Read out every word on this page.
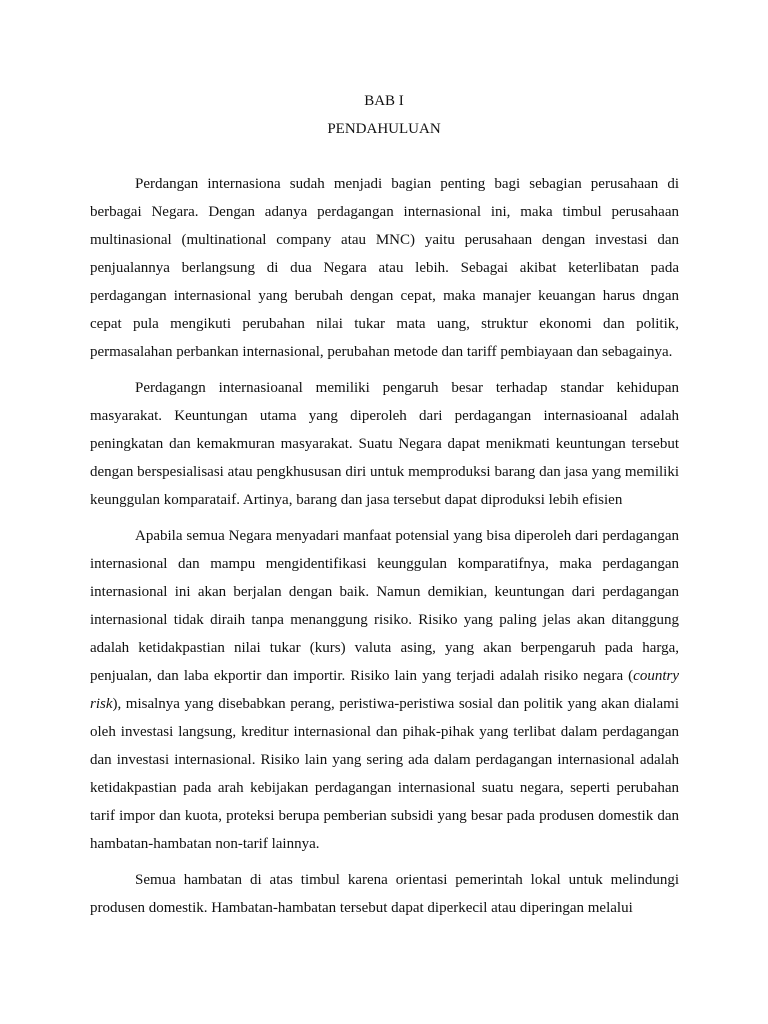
BAB I
PENDAHULUAN

Perdangan internasiona sudah menjadi bagian penting bagi sebagian perusahaan di berbagai Negara. Dengan adanya perdagangan internasional ini, maka timbul perusahaan multinasional (multinational company atau MNC) yaitu perusahaan dengan investasi dan penjualannya berlangsung di dua Negara atau lebih. Sebagai akibat keterlibatan pada perdagangan internasional yang berubah dengan cepat, maka manajer keuangan harus dngan cepat pula mengikuti perubahan nilai tukar mata uang, struktur ekonomi dan politik, permasalahan perbankan internasional, perubahan metode dan tariff pembiayaan dan sebagainya.

Perdagangn internasioanal memiliki pengaruh besar terhadap standar kehidupan masyarakat. Keuntungan utama yang diperoleh dari perdagangan internasioanal adalah peningkatan dan kemakmuran masyarakat. Suatu Negara dapat menikmati keuntungan tersebut dengan berspesialisasi atau pengkhususan diri untuk memproduksi barang dan jasa yang memiliki keunggulan komparataif. Artinya, barang dan jasa tersebut dapat diproduksi lebih efisien

Apabila semua Negara menyadari manfaat potensial yang bisa diperoleh dari perdagangan internasional dan mampu mengidentifikasi keunggulan komparatifnya, maka perdagangan internasional ini akan berjalan dengan baik. Namun demikian, keuntungan dari perdagangan internasional tidak diraih tanpa menanggung risiko. Risiko yang paling jelas akan ditanggung adalah ketidakpastian nilai tukar (kurs) valuta asing, yang akan berpengaruh pada harga, penjualan, dan laba ekportir dan importir. Risiko lain yang terjadi adalah risiko negara (country risk), misalnya yang disebabkan perang, peristiwa-peristiwa sosial dan politik yang akan dialami oleh investasi langsung, kreditur internasional dan pihak-pihak yang terlibat dalam perdagangan dan investasi internasional. Risiko lain yang sering ada dalam perdagangan internasional adalah ketidakpastian pada arah kebijakan perdagangan internasional suatu negara, seperti perubahan tarif impor dan kuota, proteksi berupa pemberian subsidi yang besar pada produsen domestik dan hambatan-hambatan non-tarif lainnya.

Semua hambatan di atas timbul karena orientasi pemerintah lokal untuk melindungi produsen domestik. Hambatan-hambatan tersebut dapat diperkecil atau diperingan melalui
